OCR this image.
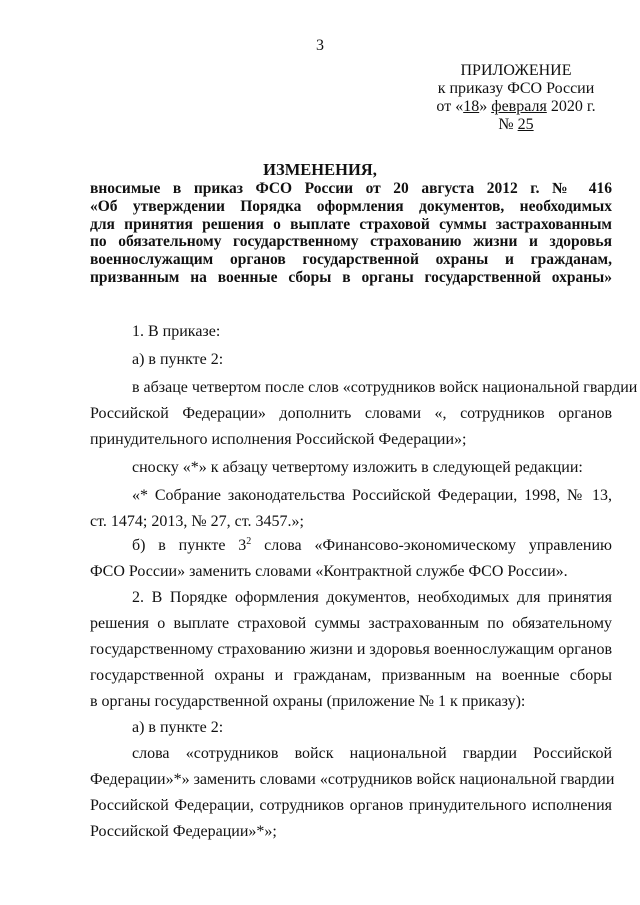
3
ПРИЛОЖЕНИЕ
к приказу ФСО России
от «18» февраля 2020 г.
№ 25
ИЗМЕНЕНИЯ,
вносимые в приказ ФСО России от 20 августа 2012 г. № 416
«Об утверждении Порядка оформления документов, необходимых
для принятия решения о выплате страховой суммы застрахованным
по обязательному государственному страхованию жизни и здоровья
военнослужащим органов государственной охраны и гражданам,
призванным на военные сборы в органы государственной охраны»
1. В приказе:
а) в пункте 2:
в абзаце четвертом после слов «сотрудников войск национальной гвардии
Российской Федерации» дополнить словами «, сотрудников органов
принудительного исполнения Российской Федерации»;
сноску «*» к абзацу четвертому изложить в следующей редакции:
«* Собрание законодательства Российской Федерации, 1998, № 13,
ст. 1474; 2013, № 27, ст. 3457.»;
б) в пункте $3^2$ слова «Финансово-экономическому управлению
ФСО России» заменить словами «Контрактной службе ФСО России».
2. В Порядке оформления документов, необходимых для принятия
решения о выплате страховой суммы застрахованным по обязательному
государственному страхованию жизни и здоровья военнослужащим органов
государственной охраны и гражданам, призванным на военные сборы
в органы государственной охраны (приложение № 1 к приказу):
а) в пункте 2:
слова «сотрудников войск национальной гвардии Российской
Федерации»*» заменить словами «сотрудников войск национальной гвардии
Российской Федерации, сотрудников органов принудительного исполнения
Российской Федерации»*»;
